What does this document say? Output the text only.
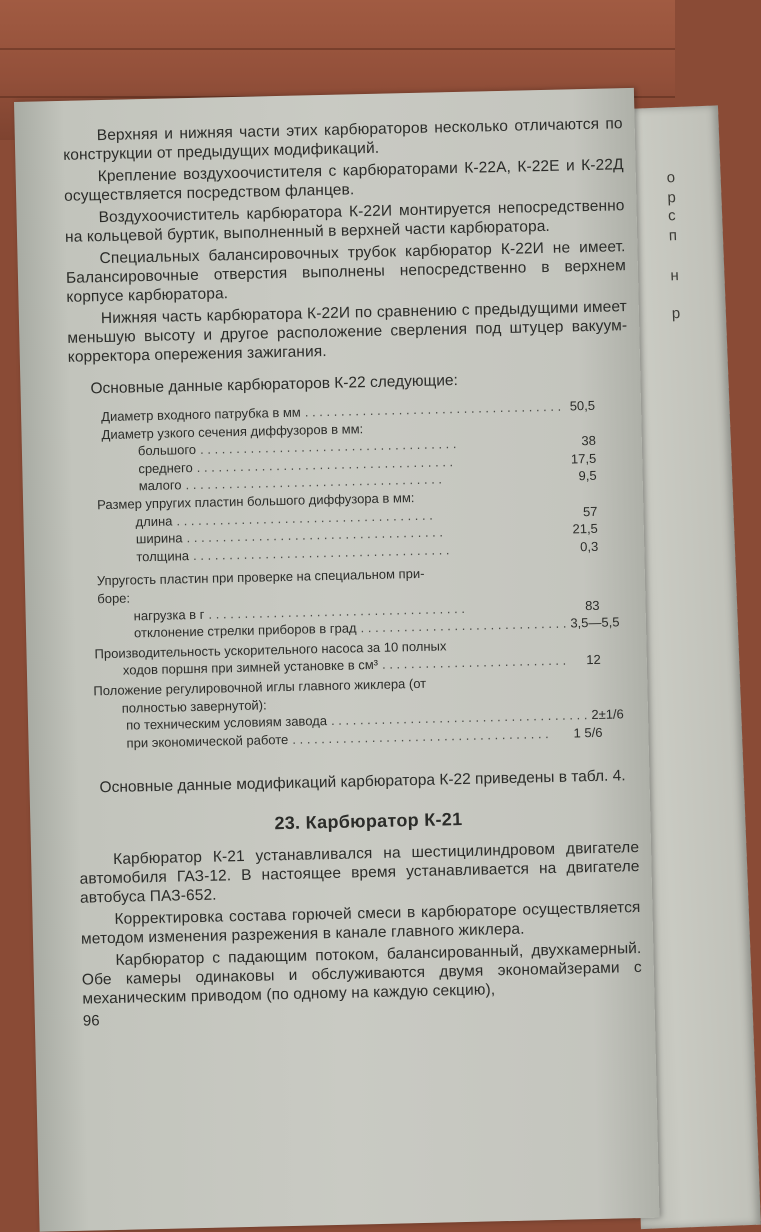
о
р
с
п
н
р

Верхняя и нижняя части этих карбюраторов несколько отличаются по конструкции от предыдущих модификаций.

Крепление воздухоочистителя с карбюраторами К-22А, К-22Е и К-22Д осуществляется посредством фланцев.

Воздухоочиститель карбюратора К-22И монтируется непосредственно на кольцевой буртик, выполненный в верхней части карбюратора.

Специальных балансировочных трубок карбюратор К-22И не имеет. Балансировочные отверстия выполнены непосредственно в верхнем корпусе карбюратора.

Нижняя часть карбюратора К-22И по сравнению с предыдущими имеет меньшую высоту и другое расположение сверления под штуцер вакуум-корректора опережения зажигания.

Основные данные карбюраторов К-22 следующие:
Диаметр входного патрубка в мм . . . . . . . . . . . . . . . . . . . . . . . . . . . . . . . . . . . . 50,5
Диаметр узкого сечения диффузоров в мм:
большого . . . . . . . . . . . . . . . . . . . . . . . . . . . . . . . . . . . .	38
среднего . . . . . . . . . . . . . . . . . . . . . . . . . . . . . . . . . . . .	17,5
малого . . . . . . . . . . . . . . . . . . . . . . . . . . . . . . . . . . . .	9,5
Размер упругих пластин большого диффузора в мм:
длина . . . . . . . . . . . . . . . . . . . . . . . . . . . . . . . . . . . .	57
ширина . . . . . . . . . . . . . . . . . . . . . . . . . . . . . . . . . . . .	21,5
толщина . . . . . . . . . . . . . . . . . . . . . . . . . . . . . . . . . . . .	0,3
Упругость пластин при проверке на специальном при-
боре:
нагрузка в г . . . . . . . . . . . . . . . . . . . . . . . . . . . . . . . . . . . .	83
отклонение стрелки приборов в град . . . . . . . . . . . . . . . . . . . . . . . . . . . . . 3,5—5,5
Производительность ускорительного насоса за 10 полных
ходов поршня при зимней установке в см³ . . . . . . . . . . . . . . . . . . . . . . . . . .	12
Положение регулировочной иглы главного жиклера (от
полностью завернутой):
по техническим условиям завода . . . . . . . . . . . . . . . . . . . . . . . . . . . . . . . . . . . . 2±1/6
при экономической работе . . . . . . . . . . . . . . . . . . . . . . . . . . . . . . . . . . . .	1 5/6

Основные данные модификаций карбюратора К-22 приведены в табл. 4.

23. Карбюратор К-21

Карбюратор К-21 устанавливался на шестицилиндровом двигателе автомобиля ГАЗ-12. В настоящее время устанавливается на двигателе автобуса ПАЗ-652.

Корректировка состава горючей смеси в карбюраторе осуществляется методом изменения разрежения в канале главного жиклера.

Карбюратор с падающим потоком, балансированный, двухкамерный. Обе камеры одинаковы и обслуживаются двумя экономайзерами с механическим приводом (по одному на каждую секцию),

96
